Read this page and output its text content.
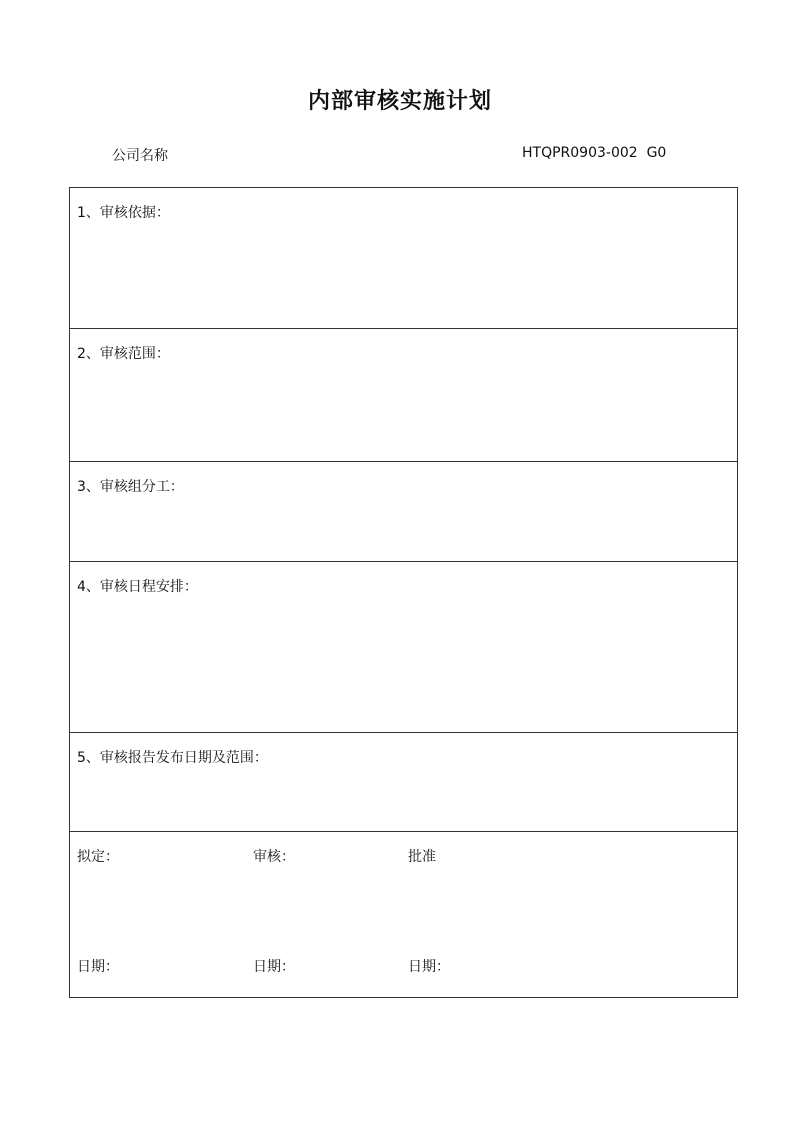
内部审核实施计划
公司名称	HTQPR0903-002  G0
1、审核依据：
2、审核范围：
3、审核组分工：
4、审核日程安排：
5、审核报告发布日期及范围：
拟定：	审核：	批准
日期：	日期：	日期：
